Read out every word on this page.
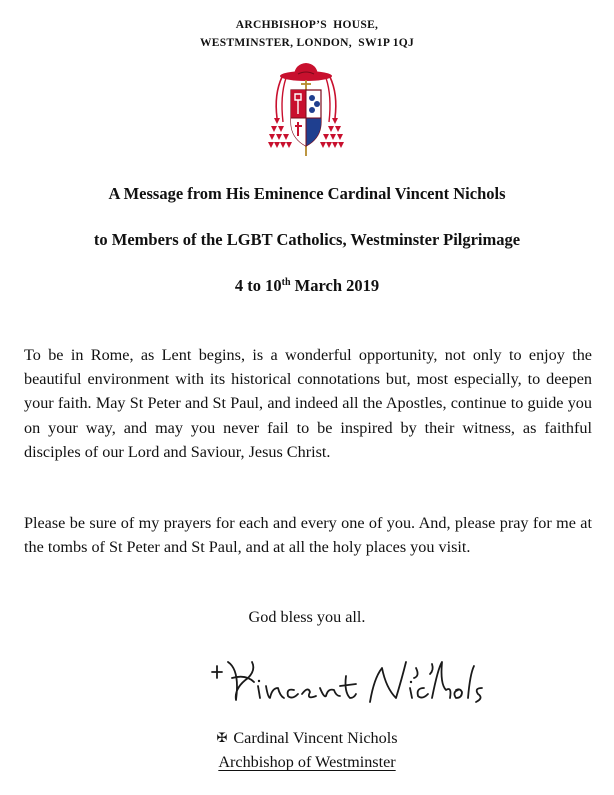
ARCHBISHOP’S  HOUSE,
WESTMINSTER, LONDON,  SW1P 1QJ
A Message from His Eminence Cardinal Vincent Nichols
to Members of the LGBT Catholics, Westminster Pilgrimage
4 to 10th March 2019

To be in Rome, as Lent begins, is a wonderful opportunity, not only to enjoy the beautiful environment with its historical connotations but, most especially, to deepen your faith. May St Peter and St Paul, and indeed all the Apostles, continue to guide you on your way, and may you never fail to be inspired by their witness, as faithful disciples of our Lord and Saviour, Jesus Christ.

Please be sure of my prayers for each and every one of you. And, please pray for me at the tombs of St Peter and St Paul, and at all the holy places you visit.

God bless you all.
✠ Cardinal Vincent Nichols
Archbishop of Westminster
